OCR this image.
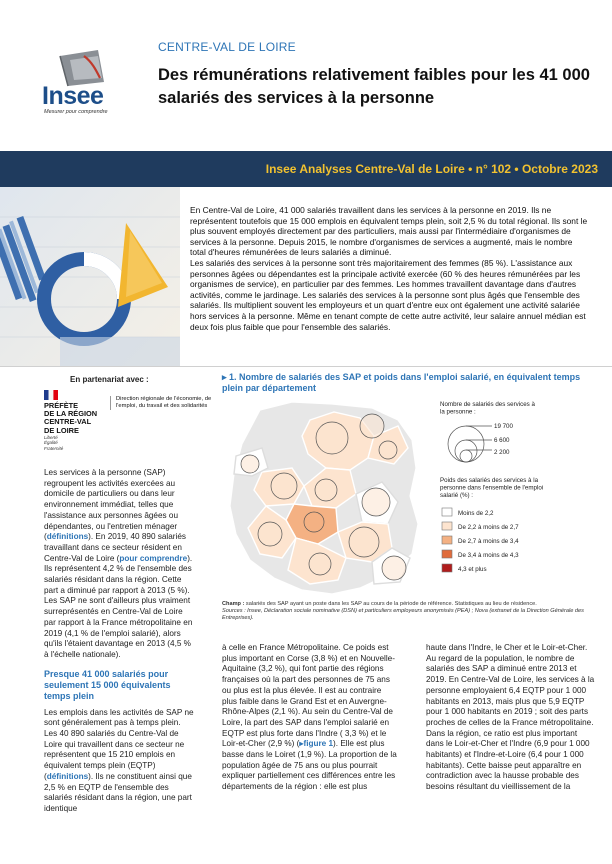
Insee
Mesurer pour comprendre
CENTRE-VAL DE LOIRE
Des rémunérations relativement faibles pour les 41 000 salariés des services à la personne
Insee Analyses Centre-Val de Loire • n° 102 • Octobre 2023

En Centre-Val de Loire, 41 000 salariés travaillent dans les services à la personne en 2019. Ils ne représentent toutefois que 15 000 emplois en équivalent temps plein, soit 2,5 % du total régional. Ils sont le plus souvent employés directement par des particuliers, mais aussi par l'intermédiaire d'organismes de services à la personne. Depuis 2015, le nombre d'organismes de services a augmenté, mais le nombre total d'heures rémunérées de leurs salariés a diminué.

Les salariés des services à la personne sont très majoritairement des femmes (85 %). L'assistance aux personnes âgées ou dépendantes est la principale activité exercée (60 % des heures rémunérées par les organismes de service), en particulier par des femmes. Les hommes travaillent davantage dans d'autres activités, comme le jardinage. Les salariés des services à la personne sont plus âgés que l'ensemble des salariés. Ils multiplient souvent les employeurs et un quart d'entre eux ont également une activité salariée hors services à la personne. Même en tenant compte de cette autre activité, leur salaire annuel médian est deux fois plus faible que pour l'ensemble des salariés.

En partenariat avec :
PRÉFÈTE
DE LA RÉGION
CENTRE-VAL
DE LOIRE
Liberté
Égalité
Fraternité
Direction régionale de l'économie, de l'emploi, du travail et des solidarités

Les services à la personne (SAP) regroupent les activités exercées au domicile de particuliers ou dans leur environnement immédiat, telles que l'assistance aux personnes âgées ou dépendantes, ou l'entretien ménager (définitions). En 2019, 40 890 salariés travaillant dans ce secteur résident en Centre-Val de Loire (pour comprendre). Ils représentent 4,2 % de l'ensemble des salariés résidant dans la région. Cette part a diminué par rapport à 2013 (5 %). Les SAP ne sont d'ailleurs plus vraiment surreprésentés en Centre-Val de Loire par rapport à la France métropolitaine en 2019 (4,1 % de l'emploi salarié), alors qu'ils l'étaient davantage en 2013 (4,5 % à l'échelle nationale).

Presque 41 000 salariés pour seulement 15 000 équivalents temps plein

Les emplois dans les activités de SAP ne sont généralement pas à temps plein. Les 40 890 salariés du Centre-Val de Loire qui travaillent dans ce secteur ne représentent que 15 210 emplois en équivalent temps plein (EQTP) (définitions). Ils ne constituent ainsi que 2,5 % en EQTP de l'ensemble des salariés résidant dans la région, une part identique

▸ 1. Nombre de salariés des SAP et poids dans l'emploi salarié, en équivalent temps plein par département
Nombre de salariés des services à la personne :
19 700
6 600
2 200
Poids des salariés des services à la personne dans l'ensemble de l'emploi salarié (%) :
Moins de 2,2
De 2,2 à moins de 2,7
De 2,7 à moins de 3,4
De 3,4 à moins de 4,3
4,3 et plus
Champ : salariés des SAP ayant un poste dans les SAP au cours de la période de référence. Statistiques au lieu de résidence.
Sources : Insee, Déclaration sociale nominative (DSN) et particuliers employeurs anonymisés (PEA) ; Nova (extranet de la Direction Générale des Entreprises).
à celle en France Métropolitaine. Ce poids est plus important en Corse (3,8 %) et en Nouvelle-Aquitaine (3,2 %), qui font partie des régions françaises où la part des personnes de 75 ans ou plus est la plus élevée. Il est au contraire plus faible dans le Grand Est et en Auvergne-Rhône-Alpes (2,1 %). Au sein du Centre-Val de Loire, la part des SAP dans l'emploi salarié en EQTP est plus forte dans l'Indre ( 3,3 %) et le Loir-et-Cher (2,9 %) (▸figure 1). Elle est plus basse dans le Loiret (1,9 %). La proportion de la population âgée de 75 ans ou plus pourrait expliquer partiellement ces différences entre les départements de la région : elle est plus
haute dans l'Indre, le Cher et le Loir-et-Cher. Au regard de la population, le nombre de salariés des SAP a diminué entre 2013 et 2019. En Centre-Val de Loire, les services à la personne employaient 6,4 EQTP pour 1 000 habitants en 2013, mais plus que 5,9 EQTP pour 1 000 habitants en 2019 ; soit des parts proches de celles de la France métropolitaine. Dans la région, ce ratio est plus important dans le Loir-et-Cher et l'Indre (6,9 pour 1 000 habitants) et l'Indre-et-Loire (6,4 pour 1 000 habitants). Cette baisse peut apparaître en contradiction avec la hausse probable des besoins résultant du vieillissement de la
